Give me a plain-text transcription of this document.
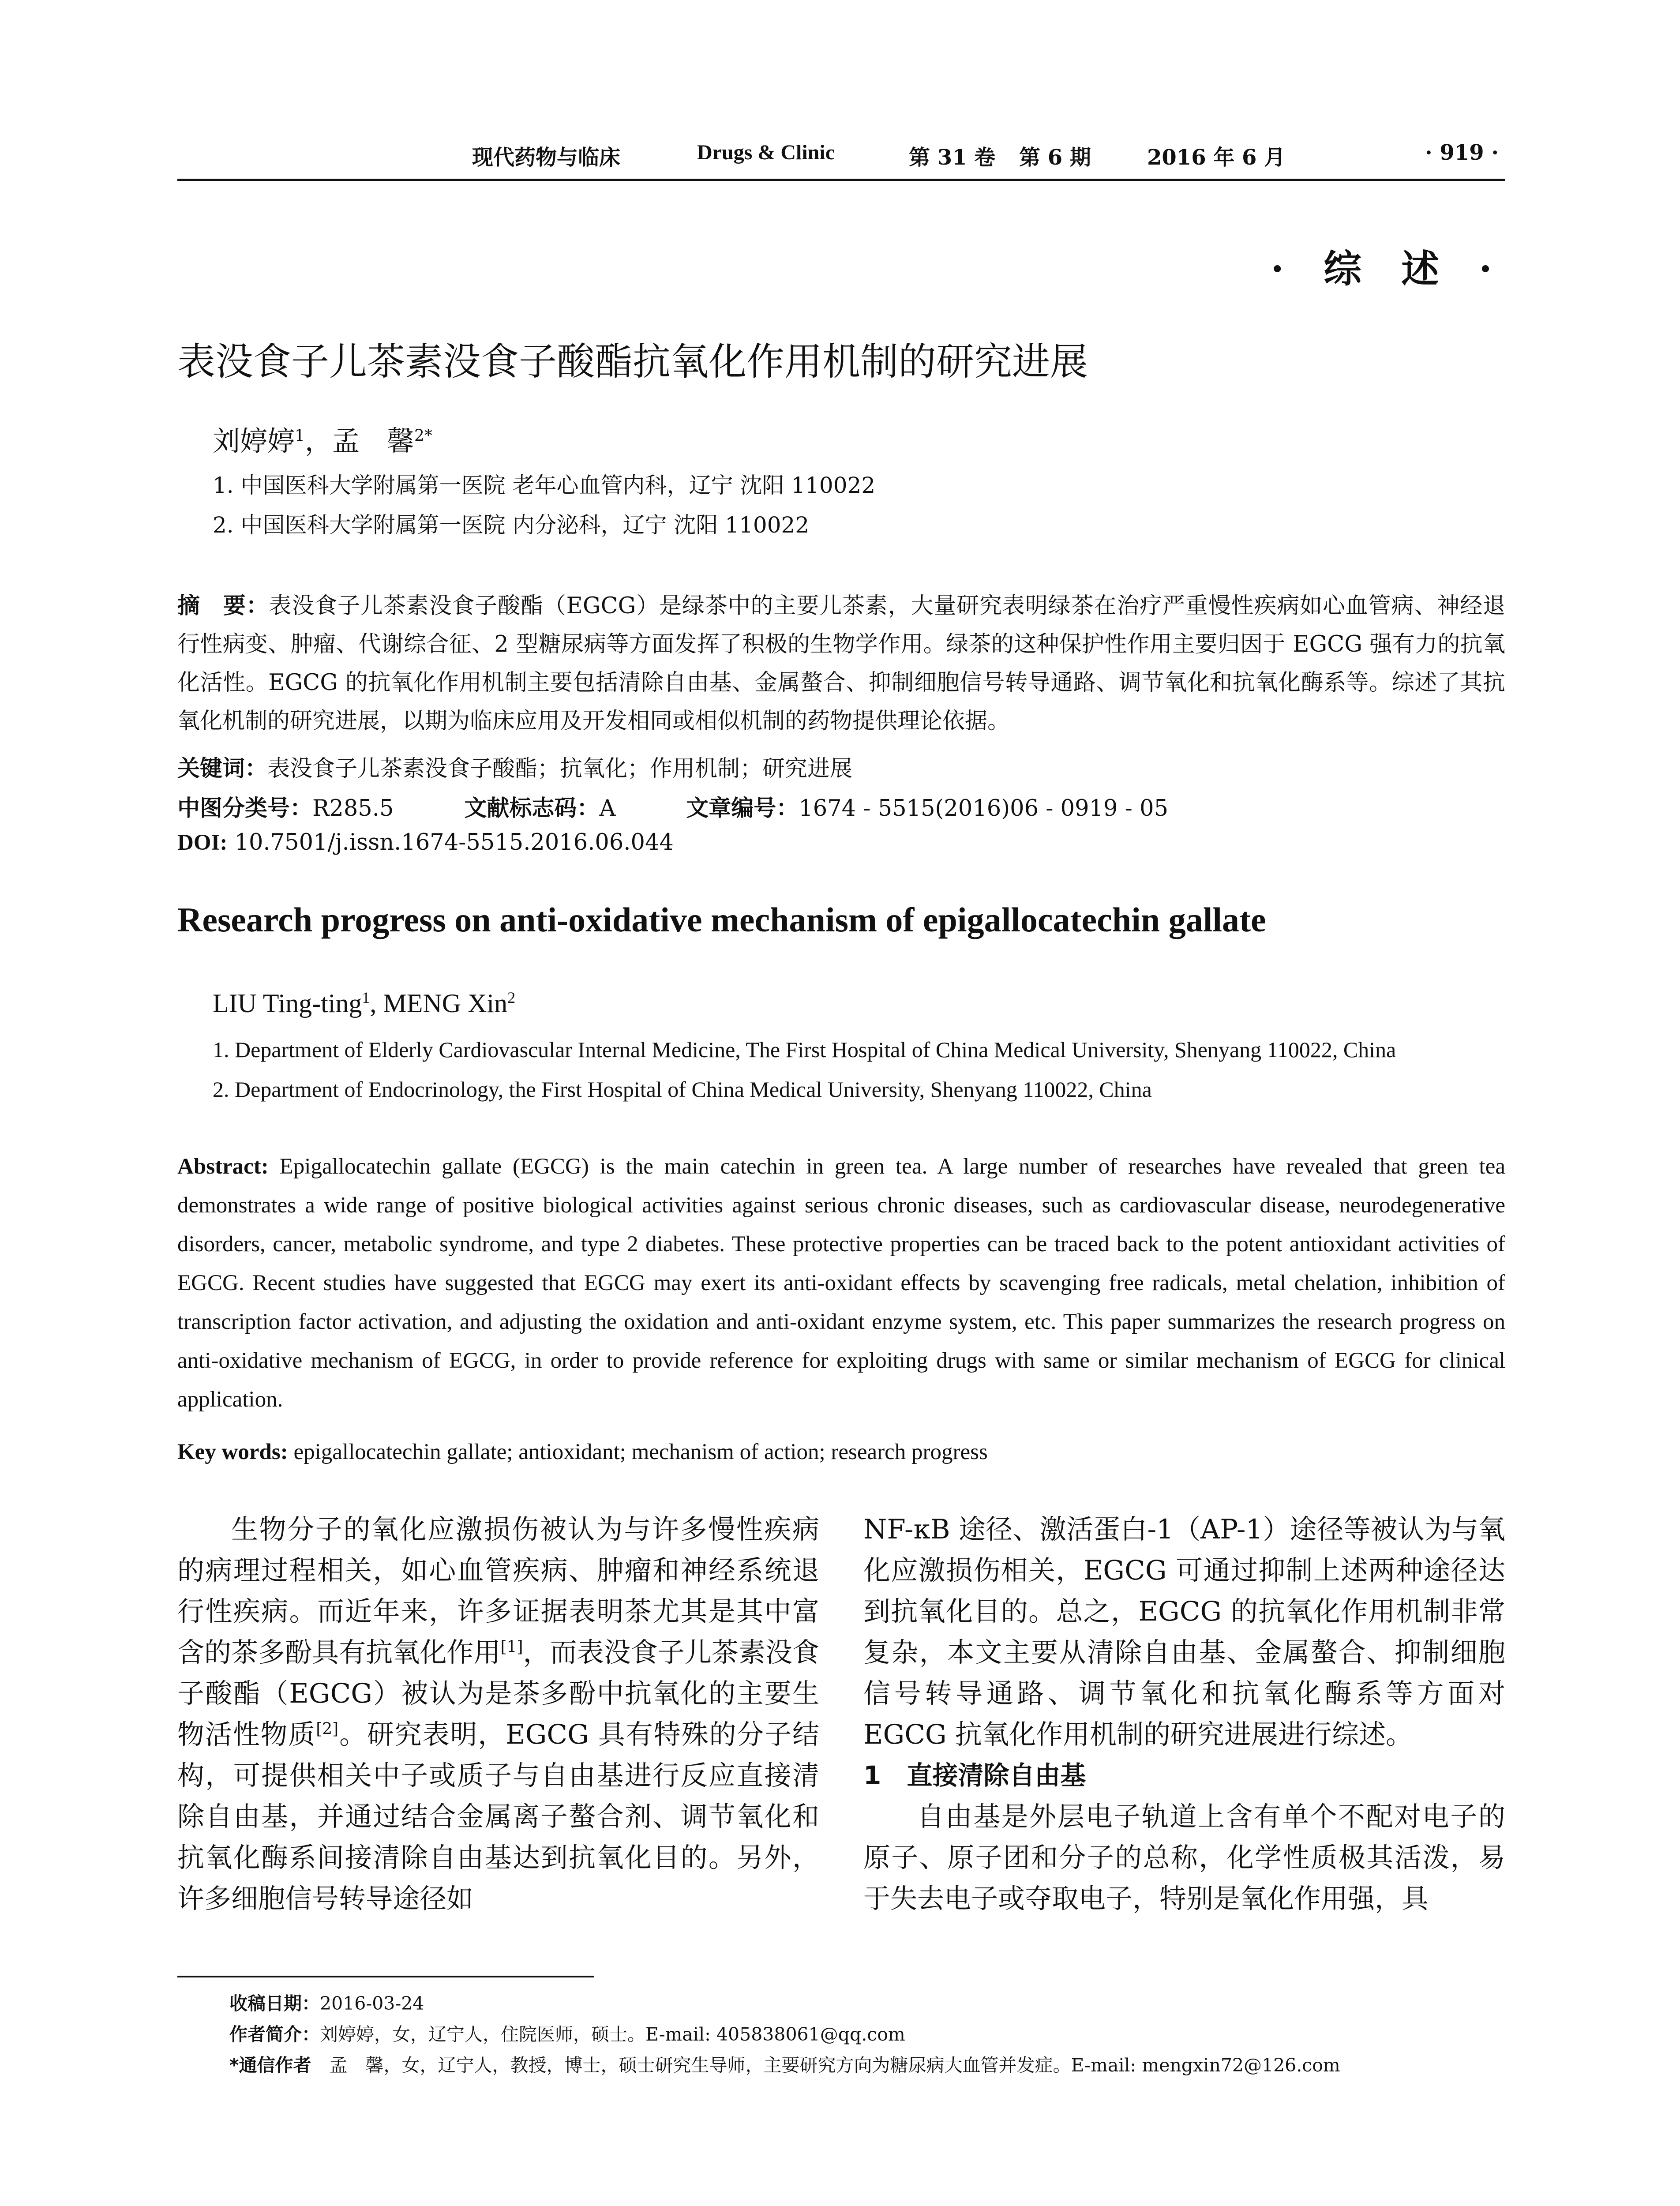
现代药物与临床	Drugs & Clinic	第 31 卷 第 6 期	2016 年 6 月	· 919 ·
· 综 述 ·
表没食子儿茶素没食子酸酯抗氧化作用机制的研究进展
刘婷婷$^1$，孟　馨$^{2*}$
1. 中国医科大学附属第一医院 老年心血管内科，辽宁 沈阳 110022
2. 中国医科大学附属第一医院 内分泌科，辽宁 沈阳 110022
摘　要：表没食子儿茶素没食子酸酯（EGCG）是绿茶中的主要儿茶素，大量研究表明绿茶在治疗严重慢性疾病如心血管病、神经退行性病变、肿瘤、代谢综合征、2 型糖尿病等方面发挥了积极的生物学作用。绿茶的这种保护性作用主要归因于 EGCG 强有力的抗氧化活性。EGCG 的抗氧化作用机制主要包括清除自由基、金属螯合、抑制细胞信号转导通路、调节氧化和抗氧化酶系等。综述了其抗氧化机制的研究进展，以期为临床应用及开发相同或相似机制的药物提供理论依据。
关键词：表没食子儿茶素没食子酸酯；抗氧化；作用机制；研究进展
中图分类号：R285.5	文献标志码：A	文章编号：1674 - 5515(2016)06 - 0919 - 05
DOI: 10.7501/j.issn.1674-5515.2016.06.044
Research progress on anti-oxidative mechanism of epigallocatechin gallate
LIU Ting-ting$^1$, MENG Xin$^2$
1. Department of Elderly Cardiovascular Internal Medicine, The First Hospital of China Medical University, Shenyang 110022, China
2. Department of Endocrinology, the First Hospital of China Medical University, Shenyang 110022, China
Abstract: Epigallocatechin gallate (EGCG) is the main catechin in green tea. A large number of researches have revealed that green tea demonstrates a wide range of positive biological activities against serious chronic diseases, such as cardiovascular disease, neurodegenerative disorders, cancer, metabolic syndrome, and type 2 diabetes. These protective properties can be traced back to the potent antioxidant activities of EGCG. Recent studies have suggested that EGCG may exert its anti-oxidant effects by scavenging free radicals, metal chelation, inhibition of transcription factor activation, and adjusting the oxidation and anti-oxidant enzyme system, etc. This paper summarizes the research progress on anti-oxidative mechanism of EGCG, in order to provide reference for exploiting drugs with same or similar mechanism of EGCG for clinical application.
Key words: epigallocatechin gallate; antioxidant; mechanism of action; research progress

生物分子的氧化应激损伤被认为与许多慢性疾病的病理过程相关，如心血管疾病、肿瘤和神经系统退行性疾病。而近年来，许多证据表明茶尤其是其中富含的茶多酚具有抗氧化作用[1]，而表没食子儿茶素没食子酸酯（EGCG）被认为是茶多酚中抗氧化的主要生物活性物质[2]。研究表明，EGCG 具有特殊的分子结构，可提供相关中子或质子与自由基进行反应直接清除自由基，并通过结合金属离子螯合剂、调节氧化和抗氧化酶系间接清除自由基达到抗氧化目的。另外，许多细胞信号转导途径如

NF-κB 途径、激活蛋白-1（AP-1）途径等被认为与氧化应激损伤相关，EGCG 可通过抑制上述两种途径达到抗氧化目的。总之，EGCG 的抗氧化作用机制非常复杂，本文主要从清除自由基、金属螯合、抑制细胞信号转导通路、调节氧化和抗氧化酶系等方面对 EGCG 抗氧化作用机制的研究进展进行综述。

1　直接清除自由基

自由基是外层电子轨道上含有单个不配对电子的原子、原子团和分子的总称，化学性质极其活泼，易于失去电子或夺取电子，特别是氧化作用强，具

收稿日期：2016-03-24
作者简介：刘婷婷，女，辽宁人，住院医师，硕士。E-mail: 405838061@qq.com
*通信作者　孟　馨，女，辽宁人，教授，博士，硕士研究生导师，主要研究方向为糖尿病大血管并发症。E-mail: mengxin72@126.com
